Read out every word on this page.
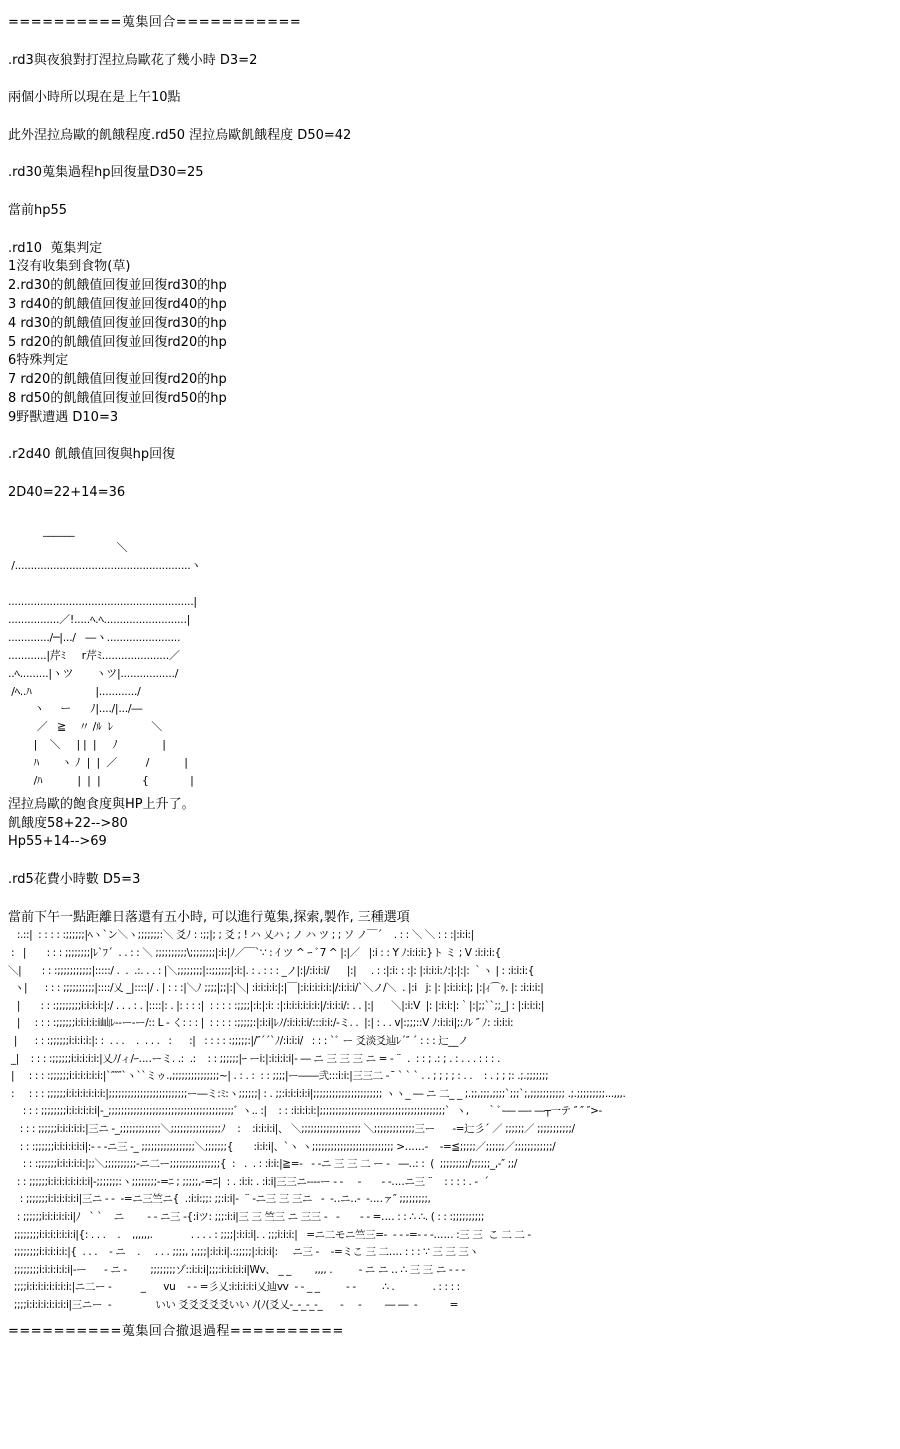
==========蒐集回合===========
.rd3與夜狼對打涅拉烏歐花了幾小時 D3=2
兩個小時所以現在是上午10點
此外涅拉烏歐的飢餓程度.rd50 涅拉烏歐飢餓程度 D50=42
.rd30蒐集過程hp回復量D30=25
當前hp55
.rd10  蒐集判定
1沒有收集到食物(草)
2.rd30的飢餓值回復並回復rd30的hp
3 rd40的飢餓值回復並回復rd40的hp
4 rd30的飢餓值回復並回復rd30的hp
5 rd20的飢餓值回復並回復rd20的hp
6特殊判定
7 rd20的飢餓值回復並回復rd20的hp
8 rd50的飢餓值回復並回復rd50的hp
9野獸遭遇 D10=3
.r2d40 飢餓值回復與hp回復
2D40=22+14=36
______
＼
/.......................................................ヽ
..........................................................|
................／!.....ﾍ.ﾍ..........................|
............./─|.../   ―ヽ.......................
............|芹ﾐ     r芹ﾐ.....................／
..ﾍ.........|ヽツ       ヽツ|................./
/ﾍ..ﾊ                    |............/
ヽ     ー      ﾉ|..../|.../―
／   ≧    〃 /ﾙ  ﾚ            ＼
|    ＼     | |  |     ﾉ              |
ﾊ       ヽ ﾉ  |  |  ／         /           |
/ﾊ           |  |  |             {             |
涅拉烏歐的飽食度與HP上升了。
飢餓度58+22-->80
Hp55+14-->69
.rd5花費小時數 D5=3
當前下午一點距離日落還有五小時, 可以進行蒐集,探索,製作, 三種選項
:.::|  : : : : :;;;;;;|ﾍヽ`ン＼ヽ;;;;;;;:＼ 爻ﾉ : :;;|; ; 爻 ; ! ハ 乂ハ ; ノ ハ ツ ; ; ソ ノ￣´    . : : ＼ ＼ : : :|:i:i:|
:   |       : : : ;;;;;;;;|ﾚ`ﾌ´  . . : : ＼ ;;;;;;;;;;\;;;;;;;;|:i:|ﾉ／￣`∵ : ｲ ツ ^ ｰ ﾞ7 ^ |:|／   |:i : : Y ﾉ:i:i:i:}ト ミ ; V :i:i:i:{
＼|       : : :;;;;;;;;;;;|:::::/ .  .  .:. . . : |＼;;;;;;;;|::;;;;;;|:i:|. : . : : : _ノ|:|/:i:i:i/      |:|     . : :|:i: : :|: |:i:i:i:ﾉ:|:|:|: ｀ヽ | : :i:i:i:{
ヽ|      : : : ;;;;;;;;;;|::::/乂 _|::::|/ . | : : :|＼ﾉ ;;;;|;;|:|＼| :i:i:i:i:|:|￣|:i:i:i:i:i:|/:i:i:i/`＼ノ/＼  . |:i   j: |: |:i:i:i:|; |:|ｨ⌒ｩ. |: :i:i:i:|
|       : : :;;;;;;;;i:i:i:i:|:/ . . . : . |::::|: . |: : : :|  : : : : :;;;;|:i:|:i: :|:i:i:i:i:i:i:|/:i:i:i/: . . |:|      ＼|:i:V  |: |:i:i:|:｀|:|;;``;;_| : |:i:i:i:|
|     : : : :;;;;;;i:i:i:i:i屾ﾚ--ー-ー/:: L - く: : : |  : : : : :;;;;;:|:i:i|ﾚﾉ/:i:i:i:i/:::i:i:/-ミ. .  |:| : . . v|:;;;::V ﾉ:i:i:i|;:ﾉﾚ ″ ﾉ: :i:i:i:
|      : : :;;;;;;i:i:i:i:|: :  . . .    .  . . .   :      :|   : : : : :;;;;;:|/″´´`ﾉ/:i:i:i/   : : : `ﾞ ー 爻淡爻辿ﾚ´″ ´ : : : 辷__ノ
_|    : : : :;;;;;;i:i:i:i:i:|乂ﾉ/ィ/ｰ‥‥ーミ. .:  .:    : : ;;;;;;|ｰ ーi:|:i:i:i:i|- ― ニ 三 三 三 ニ = - ¨  .  : : ; .: ; . : . . . : : : .
|     : : : :;;;;;;i:i:i:i:i:i:|`″″″`ヽ``ミゥ.,;;;;;;;;;;;;;;;~| . : . :  : : ;;;;|ー――弐:::i:i:|三三二 ‐  ̄ ` ` ` . . ; ; ; ; : . .    : . ; ; ;: .;.;;;;;;;
:     : : : ;;;;;;i:i:i:i:i:i:i:|;;;;;;;;;;;;;;;;;;;;;;;;;ー―ミ:ﾐ:ヽ;;;;;;| : . ;;:i:i:i:i:i|;;;;;;;;;;;;;;;;;;;;;; ヽヽ_ ― ニ 二_ _ ;.;;,;;;,;;;;`;;;`;,;;;;;;;;;;; .;.;;;;;;;;;...,,,.
: : : ;;;;;;;;i:i:i:i:i:i|-_;;;;;;;;;;;;;;;;;;;;;;;;;;;;;;;;;;;;;;;;ﾞ ヽ.. :|    : : :i:i:i:i:|;;;;;;;;;;;;;;;;;;;;;;;;;;;;;;;;;;;;;;;;`  ヽ,      ｀ﾞ‐― ―‐ ―┬一テ ″ ″ ″>-
: : : ;;;;;;i:i:i:i:i:|三ニ -_;;;;;;;;;;;;;＼;;;;;;;;;;;;;;;;ﾉ    :    :i:i:i:i|、 ＼;;;;;;;;;;;;;;;;;;; ＼;;;;;;;;;;;;;三ー      -=辷彡´ ／ ;;;;;;／ ;;;;;;;;;;;/
: : :;;;;;;i:i:i:i:i:i|:- ‐ -ニ三 -_ ;;;;;;;;;;;;;;;;;＼;;;;;;;{       :i:i:i|、`ヽ ヽ;;;;;;;;;;;;;;;;;;;;;;;;;; >‥‥‥-    -=≦;;;;;／;;;;;;／;;;;;;;;;;;;/
: : :;;;;;;i:i:i:i:i:|;;＼;;;;;;;;;;-ニ二ー;;;;;;;;;;;;;;;;{  :   .  . : :i:i:|≧=-   - -ニ 三 三 二 ー -   ―‥: :  (  ;;;;;;;;;/;;;;;;_,-″ ;;/
: : ;;;;;;i:i:i:i:i:i:i:i|-;;;;;;;:ヽ;;;;;;;;-=ﾆ ; ;;;;;,-=ﾆ|  : . :i:i: . :i:i|三三ニ‐‐‐‐ー - -     -       - -‥‥ニ三 ¨    : : : : . ‐  ´
: ;;;;;;;i:i:i:i:i:i|三ニ ‐ -  -=ニ三竺ニ{  .:i:i:;;: ;;:i:i|-  ¨ ‐ニ三 三 三ニ   -  -‥ニ‥-  -‥‥ァ″ ;;;;;;;;;,
: ;;;;;;i:i:i:i:i:i|ﾉ   ` `    ニ        - - ニ三 -{:iツ: ;;;:i:i|三 三 竺三 ニ 三三 -   -       - - =‥‥ : : ∴ ∴. ( : : :;;;;;;;;;;
;;;;;;;;i:i:i:i:i:i:i|{: . . .    .    ,,,,,,.             . . . . : ;;;;|:i:i:i|. . ;;;i:i:i:|   =ニ二モニ竺三=-  - - -=- - -‥‥‥ :三 三  こ 二 二 -
;;;;;;;;i:i:i:i:i:|{  . . .    - ニ    .     . . . ;;;;, ;,;;;|:i:i:i|.:;;;;;|:i:i:i|:     ニ三 -    -=ミこ 三 二‥‥ : : : ∵ 三 三 三ヽ
;;;;;;;;i:i:i:i:i:i|-ー      - ニ -        ;;;;;;;;ゾ::i:i:i|;;;:i:i:i:i:i|Wv、 _ _        ,,,, .         - ニ ニ ‥ ∴ 三 三 ニ - - -
;;;;i:i:i:i:i:i:i:i:|ニ二ー -          _      vu    - - =彡乂:i:i:i:i:i乂辿vv  - - _ _         - -         ∴ .             . : : : :
;;;;i:i:i:i:i:i:i:i|三ニー  -               いい 爻爻爻爻爻いい ﾉ(ﾉ(爻乂-_-_-_-_      -     -        ― ―  -           =
==========蒐集回合撤退過程==========
